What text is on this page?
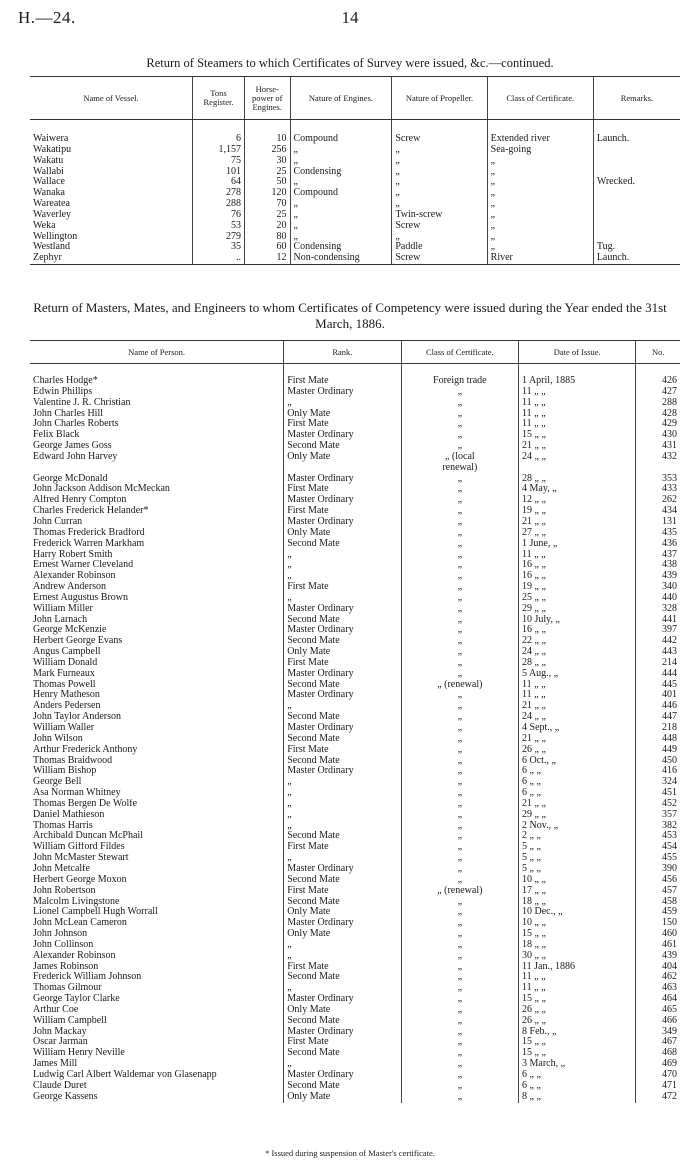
H.—24.	14
Return of Steamers to which Certificates of Survey were issued, &c.—continued.
Name of Vessel.	Tons Register.	Horse-power of Engines.	Nature of Engines.	Nature of Propeller.	Class of Certificate.	Remarks.
Waiwera	6	10	Compound	Screw	Extended river	Launch.
Wakatipu	1,157	256	„	„	Sea-going	
Wakatu	75	30	„	„	„	
Wallabi	101	25	Condensing	„	„	
Wallace	64	50	„	„	„	Wrecked.
Wanaka	278	120	Compound	„	„	
Wareatea	288	70	„	„	„	
Waverley	76	25	„	Twin-screw	„	
Weka	53	20	„	Screw	„	
Wellington	279	80	„	„	„	
Westland	35	60	Condensing	Paddle	„	Tug.
Zephyr	..	12	Non-condensing	Screw	River	Launch.
Return of Masters, Mates, and Engineers to whom Certificates of Competency were issued during the Year ended the 31st March, 1886.
Name of Person.	Rank.	Class of Certificate.	Date of Issue.	No.
Charles Hodge*	First Mate	Foreign trade	1 April, 1885	426
Edwin Phillips	Master Ordinary	„	11 „ „	427
Valentine J. R. Christian	„	„	11 „ „	288
John Charles Hill	Only Mate	„	11 „ „	428
John Charles Roberts	First Mate	„	11 „ „	429
Felix Black	Master Ordinary	„	15 „ „	430
George James Goss	Second Mate	„	21 „ „	431
Edward John Harvey	Only Mate	„ (local	24 „ „	432
		renewal)		
George McDonald	Master Ordinary	„	28 „ „	353
John Jackson Addison McMeckan	First Mate	„	4 May, „	433
Alfred Henry Compton	Master Ordinary	„	12 „ „	262
Charles Frederick Helander*	First Mate	„	19 „ „	434
John Curran	Master Ordinary	„	21 „ „	131
Thomas Frederick Bradford	Only Mate	„	27 „ „	435
Frederick Warren Markham	Second Mate	„	1 June, „	436
Harry Robert Smith	„	„	11 „ „	437
Ernest Warner Cleveland	„	„	16 „ „	438
Alexander Robinson	„	„	16 „ „	439
Andrew Anderson	First Mate	„	19 „ „	340
Ernest Augustus Brown	„	„	25 „ „	440
William Miller	Master Ordinary	„	29 „ „	328
John Larnach	Second Mate	„	10 July, „	441
George McKenzie	Master Ordinary	„	16 „ „	397
Herbert George Evans	Second Mate	„	22 „ „	442
Angus Campbell	Only Mate	„	24 „ „	443
William Donald	First Mate	„	28 „ „	214
Mark Furneaux	Master Ordinary	„	5 Aug., „	444
Thomas Powell	Second Mate	„ (renewal)	11 „ „	445
Henry Matheson	Master Ordinary	„	11 „ „	401
Anders Pedersen	„	„	21 „ „	446
John Taylor Anderson	Second Mate	„	24 „ „	447
William Waller	Master Ordinary	„	4 Sept., „	218
John Wilson	Second Mate	„	21 „ „	448
Arthur Frederick Anthony	First Mate	„	26 „ „	449
Thomas Braidwood	Second Mate	„	6 Oct., „	450
William Bishop	Master Ordinary	„	6 „ „	416
George Bell	„	„	6 „ „	324
Asa Norman Whitney	„	„	6 „ „	451
Thomas Bergen De Wolfe	„	„	21 „ „	452
Daniel Mathieson	„	„	29 „ „	357
Thomas Harris	„	„	2 Nov., „	382
Archibald Duncan McPhail	Second Mate	„	2 „ „	453
William Gifford Fildes	First Mate	„	5 „ „	454
John McMaster Stewart	„	„	5 „ „	455
John Metcalfe	Master Ordinary	„	5 „ „	390
Herbert George Moxon	Second Mate	„	10 „ „	456
John Robertson	First Mate	„ (renewal)	17 „ „	457
Malcolm Livingstone	Second Mate	„	18 „ „	458
Lionel Campbell Hugh Worrall	Only Mate	„	10 Dec., „	459
John McLean Cameron	Master Ordinary	„	10 „ „	150
John Johnson	Only Mate	„	15 „ „	460
John Collinson	„	„	18 „ „	461
Alexander Robinson	„	„	30 „ „	439
James Robinson	First Mate	„	11 Jan., 1886	404
Frederick William Johnson	Second Mate	„	11 „ „	462
Thomas Gilmour	„	„	11 „ „	463
George Taylor Clarke	Master Ordinary	„	15 „ „	464
Arthur Coe	Only Mate	„	26 „ „	465
William Campbell	Second Mate	„	26 „ „	466
John Mackay	Master Ordinary	„	8 Feb., „	349
Oscar Jarman	First Mate	„	15 „ „	467
William Henry Neville	Second Mate	„	15 „ „	468
James Mill	„	„	3 March, „	469
Ludwig Carl Albert Waldemar von Glasenapp	Master Ordinary	„	6 „ „	470
Claude Duret	Second Mate	„	6 „ „	471
George Kassens	Only Mate	„	8 „ „	472
* Issued during suspension of Master's certificate.
